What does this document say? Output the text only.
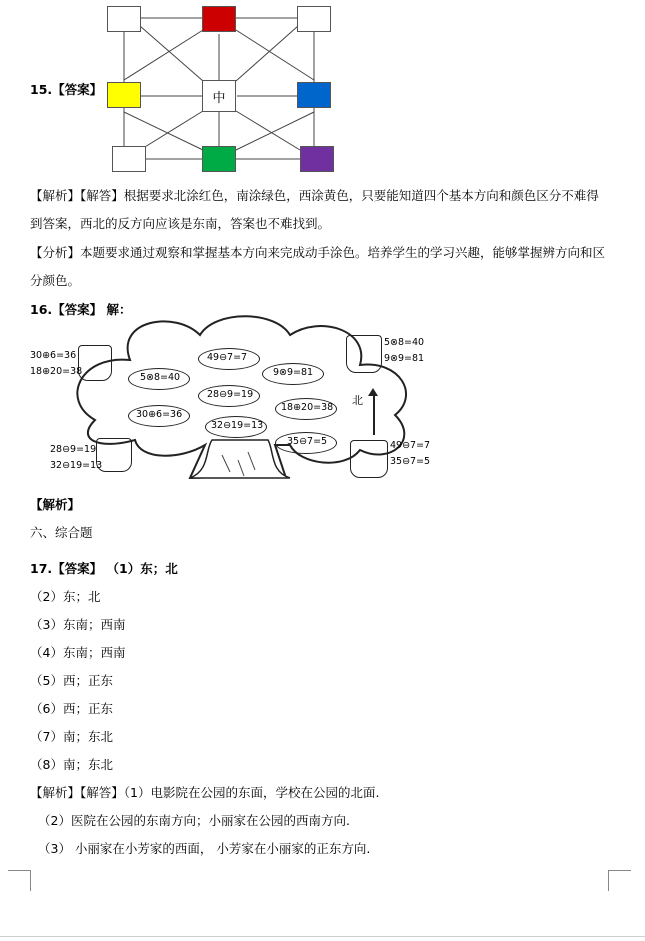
中
15.【答案】
【解析】【解答】根据要求北涂红色，南涂绿色，西涂黄色，只要能知道四个基本方向和颜色区分不难得
到答案，西北的反方向应该是东南，答案也不难找到。
【分析】本题要求通过观察和掌握基本方向来完成动手涂色。培养学生的学习兴趣，能够掌握辨方向和区
分颜色。
16.【答案】 解：
49⊖7=7
5⊗8=40	9⊗9=81
28⊖9=19
30⊕6=36
18⊕20=38
32⊖19=13
35⊖7=5
30⊕6=36
18⊕20=38
5⊗8=40
9⊗9=81
28⊖9=19
32⊖19=13
49⊖7=7
35⊖7=5
北
【解析】
六、综合题
17.【答案】 （1）东；北
（2）东；北
（3）东南；西南
（4）东南；西南
（5）西；正东
（6）西；正东
（7）南；东北
（8）南；东北
【解析】【解答】（1）电影院在公园的东面，学校在公园的北面.
（2）医院在公园的东南方向；小丽家在公园的西南方向.
（3） 小丽家在小芳家的西面， 小芳家在小丽家的正东方向.
